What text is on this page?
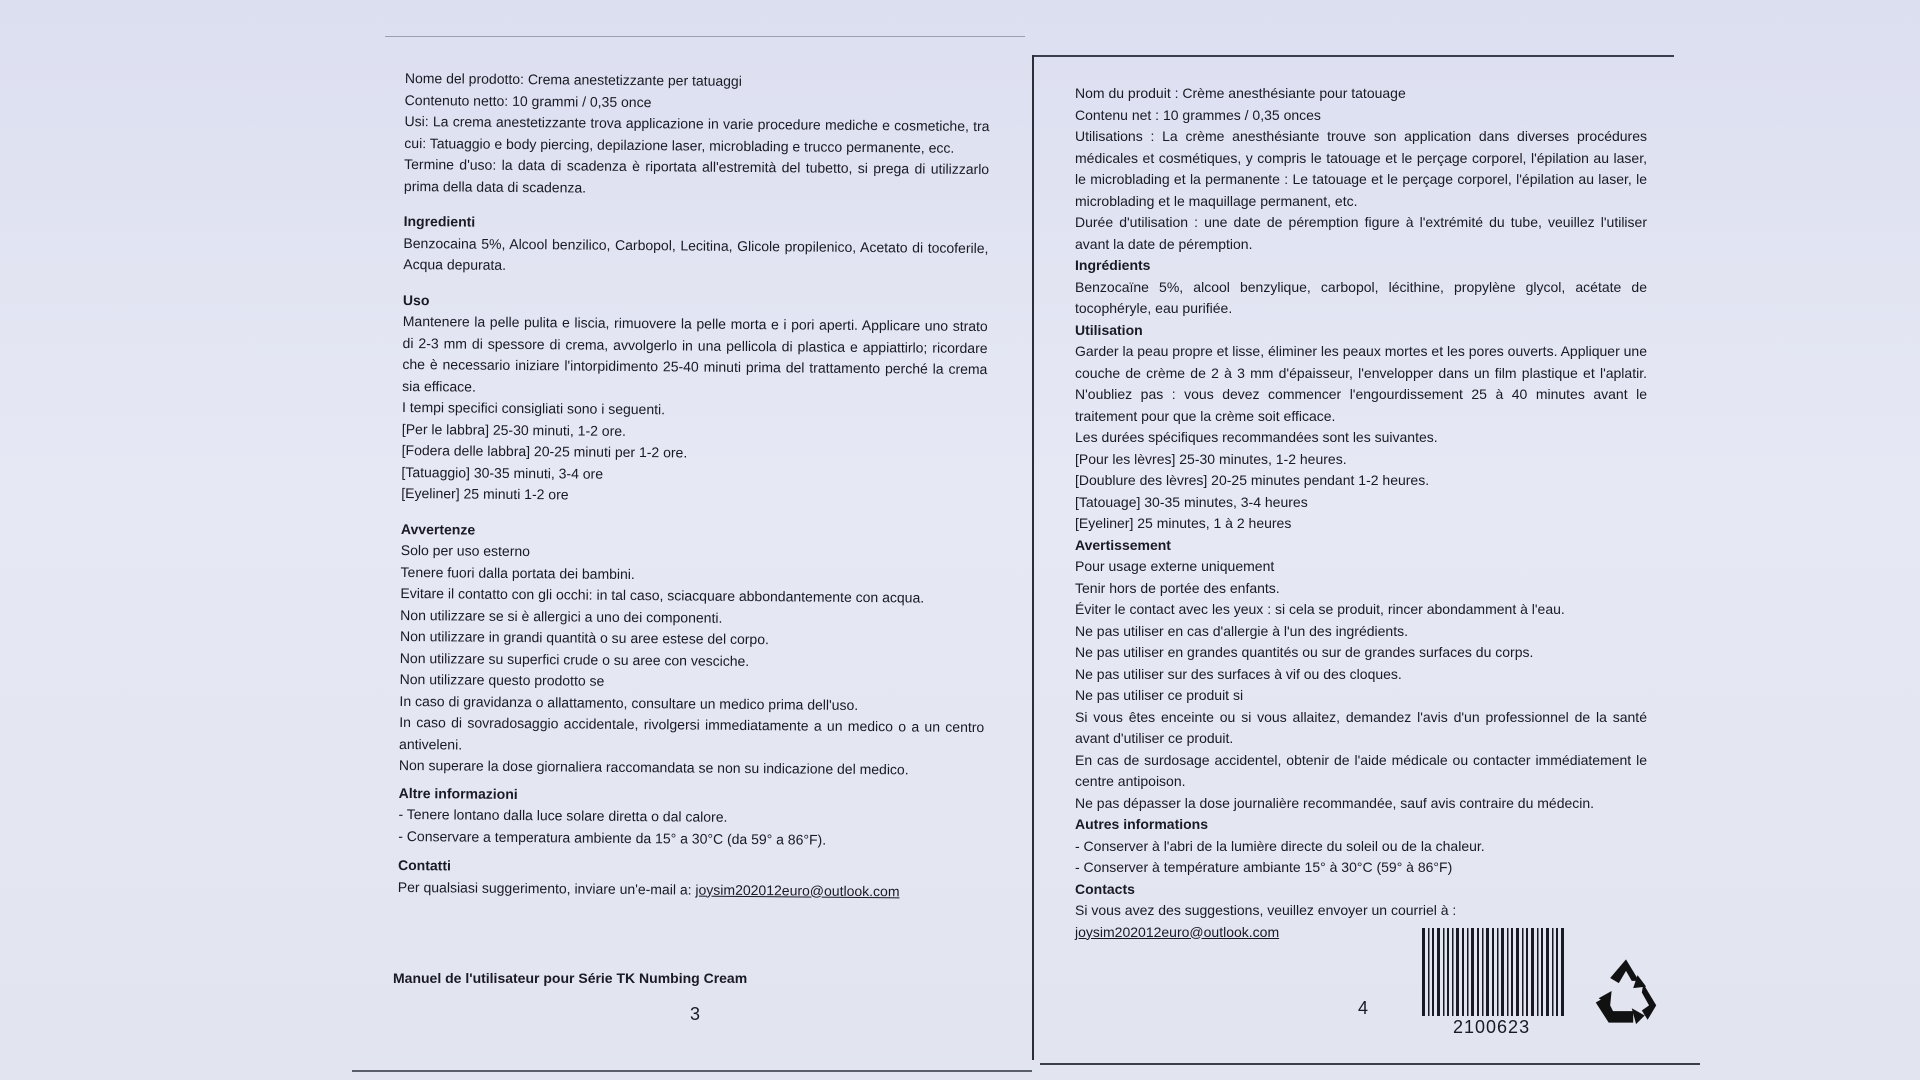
Nome del prodotto: Crema anestetizzante per tatuaggi

Contenuto netto: 10 grammi / 0,35 once

Usi: La crema anestetizzante trova applicazione in varie procedure mediche e cosmetiche, tra cui: Tatuaggio e body piercing, depilazione laser, microblading e trucco permanente, ecc.

Termine d'uso: la data di scadenza è riportata all'estremità del tubetto, si prega di utilizzarlo prima della data di scadenza.

Ingredienti

Benzocaina 5%, Alcool benzilico, Carbopol, Lecitina, Glicole propilenico, Acetato di tocoferile, Acqua depurata.

Uso

Mantenere la pelle pulita e liscia, rimuovere la pelle morta e i pori aperti. Applicare uno strato di 2-3 mm di spessore di crema, avvolgerlo in una pellicola di plastica e appiattirlo; ricordare che è necessario iniziare l'intorpidimento 25-40 minuti prima del trattamento perché la crema sia efficace.

I tempi specifici consigliati sono i seguenti.

[Per le labbra] 25-30 minuti, 1-2 ore.

[Fodera delle labbra] 20-25 minuti per 1-2 ore.

[Tatuaggio] 30-35 minuti, 3-4 ore

[Eyeliner] 25 minuti 1-2 ore

Avvertenze

Solo per uso esterno

Tenere fuori dalla portata dei bambini.

Evitare il contatto con gli occhi: in tal caso, sciacquare abbondantemente con acqua.

Non utilizzare se si è allergici a uno dei componenti.

Non utilizzare in grandi quantità o su aree estese del corpo.

Non utilizzare su superfici crude o su aree con vesciche.

Non utilizzare questo prodotto se

In caso di gravidanza o allattamento, consultare un medico prima dell'uso.

In caso di sovradosaggio accidentale, rivolgersi immediatamente a un medico o a un centro antiveleni.

Non superare la dose giornaliera raccomandata se non su indicazione del medico.

Altre informazioni

- Tenere lontano dalla luce solare diretta o dal calore.

- Conservare a temperatura ambiente da 15° a 30°C (da 59° a 86°F).

Contatti

Per qualsiasi suggerimento, inviare un'e-mail a: joysim202012euro@outlook.com

Manuel de l'utilisateur pour Série TK Numbing Cream
3

Nom du produit : Crème anesthésiante pour tatouage

Contenu net : 10 grammes / 0,35 onces

Utilisations : La crème anesthésiante trouve son application dans diverses procédures médicales et cosmétiques, y compris le tatouage et le perçage corporel, l'épilation au laser, le microblading et la permanente : Le tatouage et le perçage corporel, l'épilation au laser, le microblading et le maquillage permanent, etc.

Durée d'utilisation : une date de péremption figure à l'extrémité du tube, veuillez l'utiliser avant la date de péremption.

Ingrédients

Benzocaïne 5%, alcool benzylique, carbopol, lécithine, propylène glycol, acétate de tocophéryle, eau purifiée.

Utilisation

Garder la peau propre et lisse, éliminer les peaux mortes et les pores ouverts. Appliquer une couche de crème de 2 à 3 mm d'épaisseur, l'envelopper dans un film plastique et l'aplatir. N'oubliez pas : vous devez commencer l'engourdissement 25 à 40 minutes avant le traitement pour que la crème soit efficace.

Les durées spécifiques recommandées sont les suivantes.

[Pour les lèvres] 25-30 minutes, 1-2 heures.

[Doublure des lèvres] 20-25 minutes pendant 1-2 heures.

[Tatouage] 30-35 minutes, 3-4 heures

[Eyeliner] 25 minutes, 1 à 2 heures

Avertissement

Pour usage externe uniquement

Tenir hors de portée des enfants.

Éviter le contact avec les yeux : si cela se produit, rincer abondamment à l'eau.

Ne pas utiliser en cas d'allergie à l'un des ingrédients.

Ne pas utiliser en grandes quantités ou sur de grandes surfaces du corps.

Ne pas utiliser sur des surfaces à vif ou des cloques.

Ne pas utiliser ce produit si

Si vous êtes enceinte ou si vous allaitez, demandez l'avis d'un professionnel de la santé avant d'utiliser ce produit.

En cas de surdosage accidentel, obtenir de l'aide médicale ou contacter immédiatement le centre antipoison.

Ne pas dépasser la dose journalière recommandée, sauf avis contraire du médecin.

Autres informations

- Conserver à l'abri de la lumière directe du soleil ou de la chaleur.

- Conserver à température ambiante 15° à 30°C (59° à 86°F)

Contacts

Si vous avez des suggestions, veuillez envoyer un courriel à :

joysim202012euro@outlook.com

4
2100623
